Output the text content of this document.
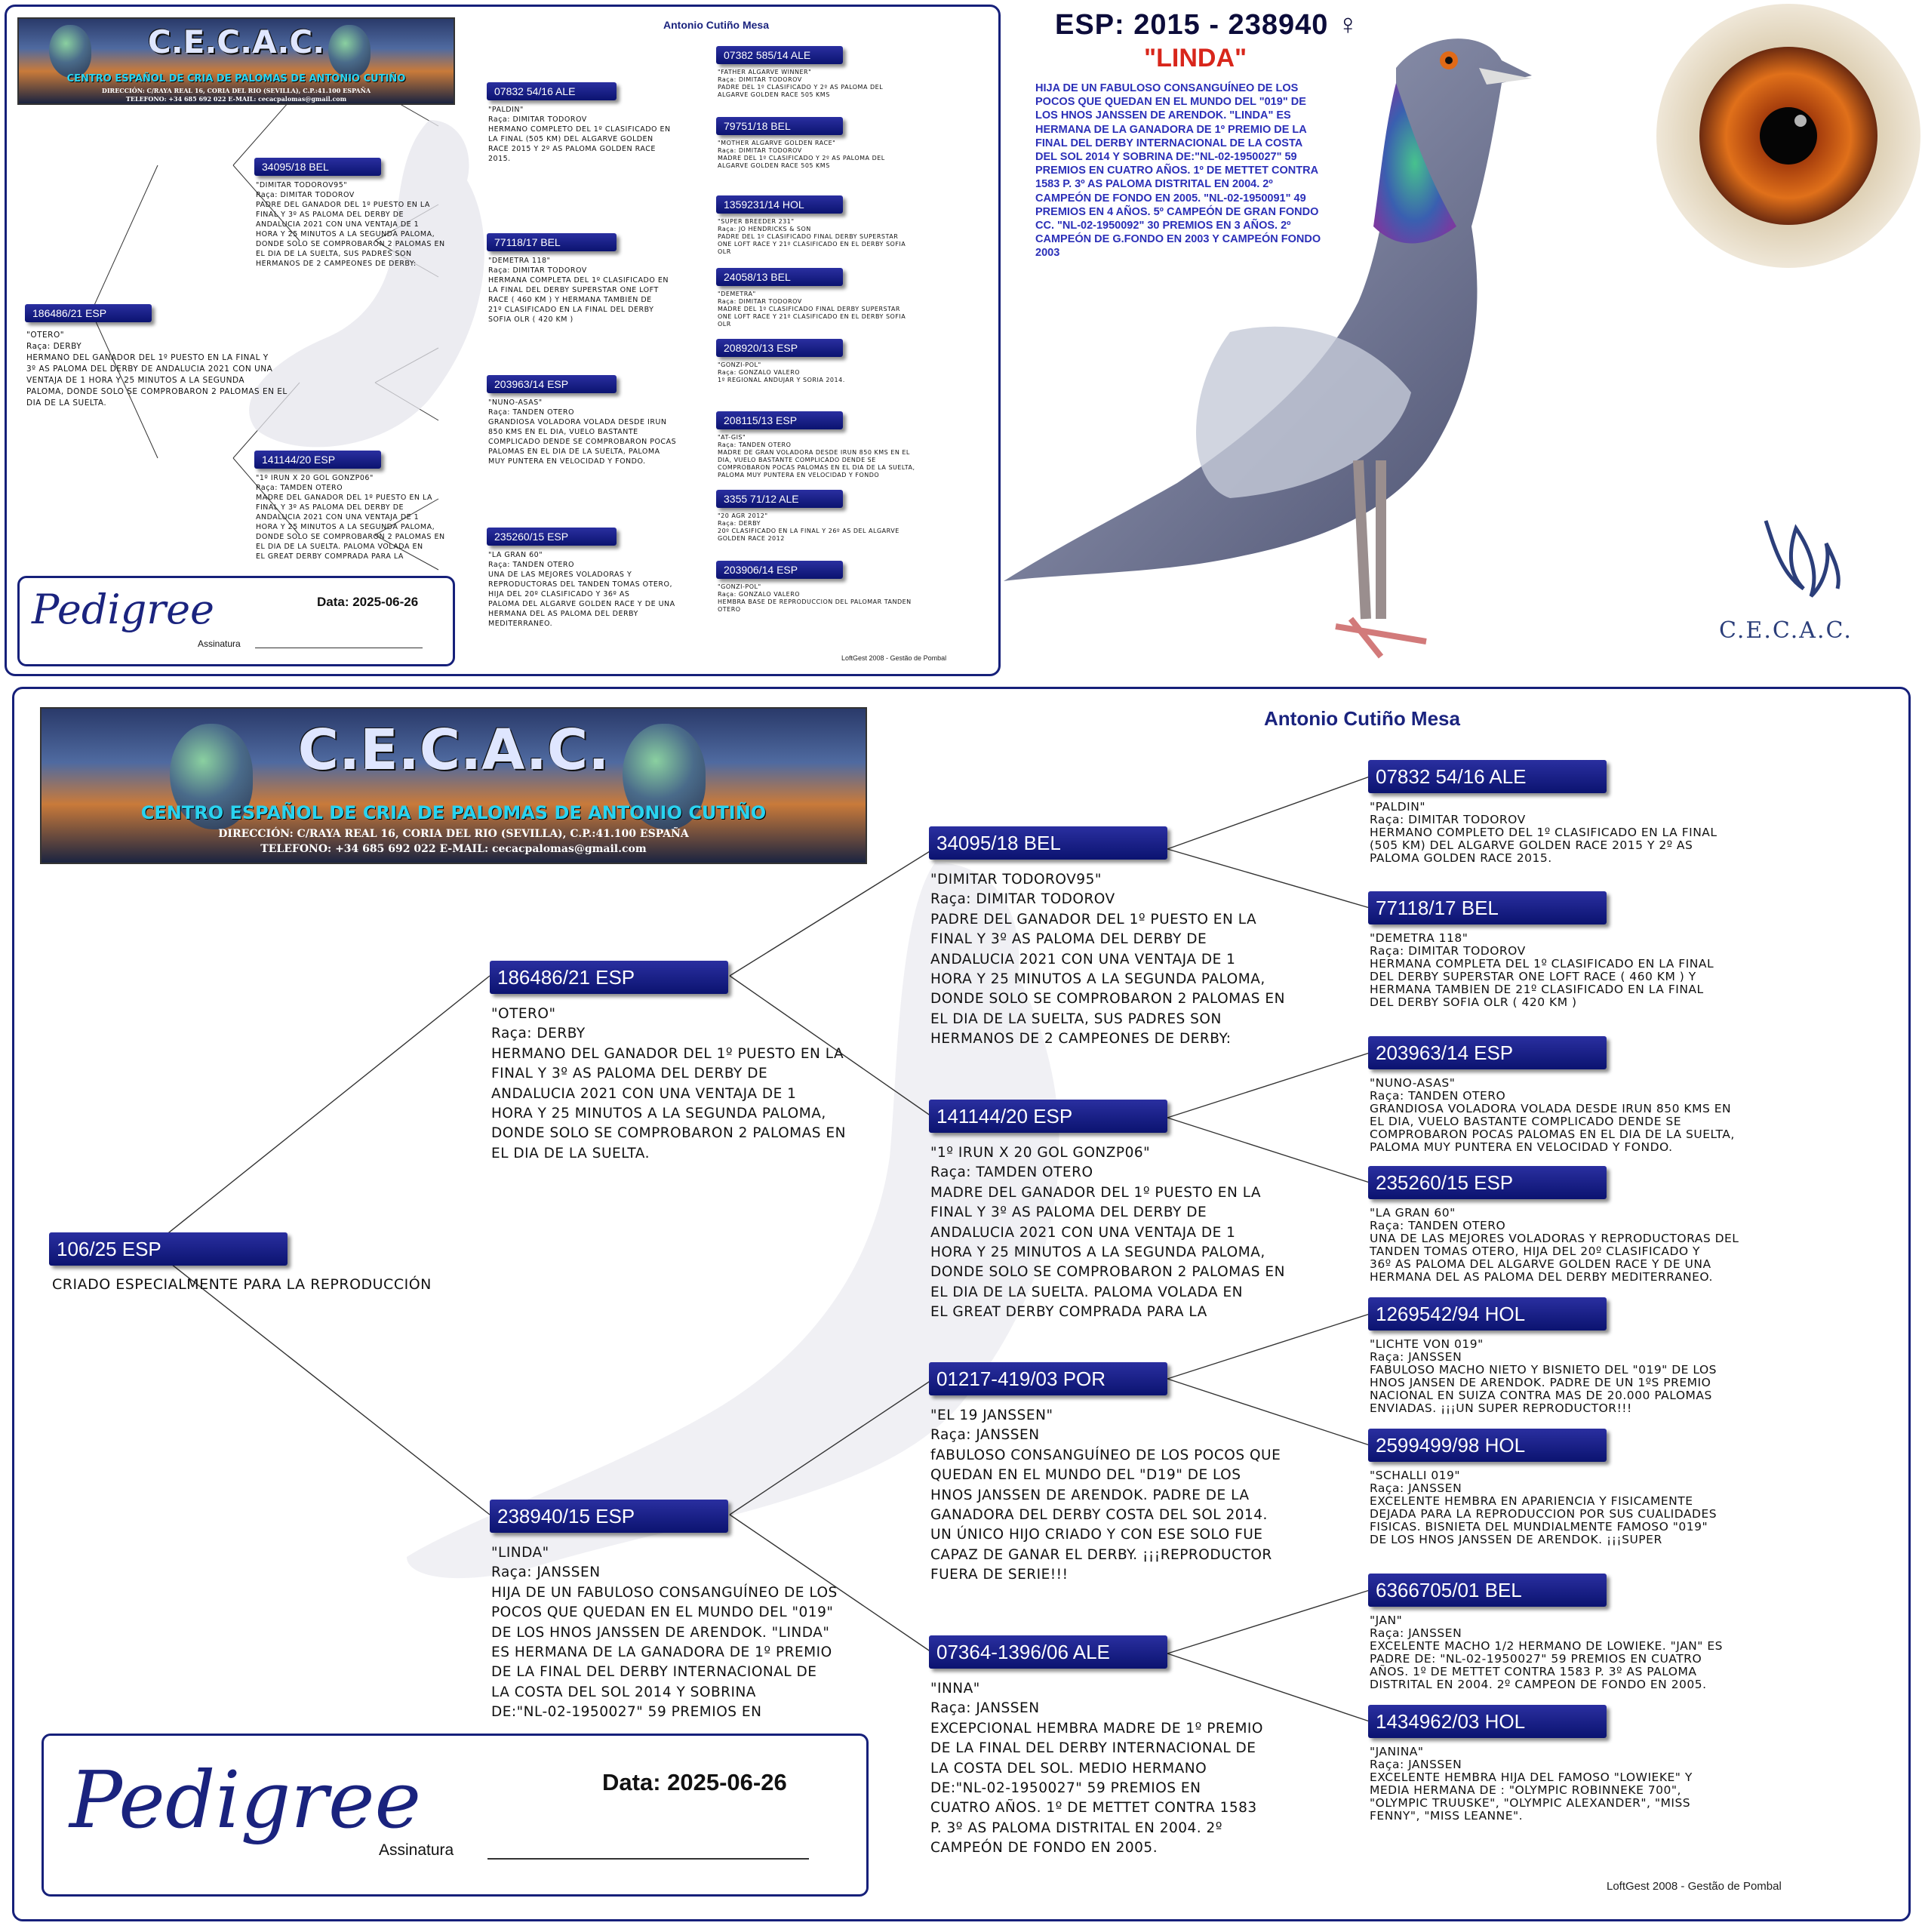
C.E.C.A.C.
CENTRO ESPAÑOL DE CRIA DE PALOMAS DE ANTONIO CUTIÑO
DIRECCIÓN: C/RAYA REAL 16, CORIA DEL RIO (SEVILLA), C.P.:41.100 ESPAÑA
TELEFONO: +34 685 692 022 E-MAIL: cecacpalomas@gmail.com
Antonio Cutiño Mesa
186486/21 ESP
"OTERO"
Raça: DERBY
HERMANO DEL GANADOR DEL 1º PUESTO EN LA FINAL Y
3º AS PALOMA DEL DERBY DE ANDALUCIA 2021 CON UNA
VENTAJA DE 1 HORA Y 25 MINUTOS A LA SEGUNDA
PALOMA, DONDE SOLO SE COMPROBARON 2 PALOMAS EN EL
DIA DE LA SUELTA.
34095/18 BEL
"DIMITAR TODOROV95"
Raça: DIMITAR TODOROV
PADRE DEL GANADOR DEL 1º PUESTO EN LA
FINAL Y 3º AS PALOMA DEL DERBY DE
ANDALUCIA 2021 CON UNA VENTAJA DE 1
HORA Y 25 MINUTOS A LA SEGUNDA PALOMA,
DONDE SOLO SE COMPROBARON 2 PALOMAS EN
EL DIA DE LA SUELTA, SUS PADRES SON
HERMANOS DE 2 CAMPEONES DE DERBY:
141144/20 ESP
"1º IRUN X 20 GOL GONZP06"
Raça: TAMDEN OTERO
MADRE DEL GANADOR DEL 1º PUESTO EN LA
FINAL Y 3º AS PALOMA DEL DERBY DE
ANDALUCIA 2021 CON UNA VENTAJA DE 1
HORA Y 25 MINUTOS A LA SEGUNDA PALOMA,
DONDE SOLO SE COMPROBARON 2 PALOMAS EN
EL DIA DE LA SUELTA. PALOMA VOLADA EN
EL GREAT DERBY COMPRADA PARA LA
07832 54/16 ALE
"PALDIN"
Raça: DIMITAR TODOROV
HERMANO COMPLETO DEL 1º CLASIFICADO EN
LA FINAL (505 KM) DEL ALGARVE GOLDEN
RACE 2015 Y 2º AS PALOMA GOLDEN RACE
2015.
77118/17 BEL
"DEMETRA 118"
Raça: DIMITAR TODOROV
HERMANA COMPLETA DEL 1º CLASIFICADO EN
LA FINAL DEL DERBY SUPERSTAR ONE LOFT
RACE ( 460 KM ) Y HERMANA TAMBIEN DE
21º CLASIFICADO EN LA FINAL DEL DERBY
SOFIA OLR ( 420 KM )
203963/14 ESP
"NUNO-ASAS"
Raça: TANDEN OTERO
GRANDIOSA VOLADORA VOLADA DESDE IRUN
850 KMS EN EL DIA, VUELO BASTANTE
COMPLICADO DENDE SE COMPROBARON POCAS
PALOMAS EN EL DIA DE LA SUELTA, PALOMA
MUY PUNTERA EN VELOCIDAD Y FONDO.
235260/15 ESP
"LA GRAN 60"
Raça: TANDEN OTERO
UNA DE LAS MEJORES VOLADORAS Y
REPRODUCTORAS DEL TANDEN TOMAS OTERO,
HIJA DEL 20º CLASIFICADO Y 36º AS
PALOMA DEL ALGARVE GOLDEN RACE Y DE UNA
HERMANA DEL AS PALOMA DEL DERBY
MEDITERRANEO.
07382 585/14 ALE
"FATHER ALGARVE WINNER"
Raça: DIMITAR TODOROV
PADRE DEL 1º CLASIFICADO Y 2º AS PALOMA DEL
ALGARVE GOLDEN RACE 505 KMS
79751/18 BEL
"MOTHER ALGARVE GOLDEN RACE"
Raça: DIMITAR TODOROV
MADRE DEL 1º CLASIFICADO Y 2º AS PALOMA DEL
ALGARVE GOLDEN RACE 505 KMS
1359231/14 HOL
"SUPER BREEDER 231"
Raça: JO HENDRICKS & SON
PADRE DEL 1º CLASIFICADO FINAL DERBY SUPERSTAR
ONE LOFT RACE Y 21º CLASIFICADO EN EL DERBY SOFIA
OLR
24058/13 BEL
"DEMETRA"
Raça: DIMITAR TODOROV
MADRE DEL 1º CLASIFICADO FINAL DERBY SUPERSTAR
ONE LOFT RACE Y 21º CLASIFICADO EN EL DERBY SOFIA
OLR
208920/13 ESP
"GONZI-POL"
Raça: GONZALO VALERO
1º REGIONAL ANDUJAR Y SORIA 2014.
208115/13 ESP
"AT-GIS"
Raça: TANDEN OTERO
MADRE DE GRAN VOLADORA DESDE IRUN 850 KMS EN EL
DIA, VUELO BASTANTE COMPLICADO DENDE SE
COMPROBARON POCAS PALOMAS EN EL DIA DE LA SUELTA,
PALOMA MUY PUNTERA EN VELOCIDAD Y FONDO
3355 71/12 ALE
"20 AGR 2012"
Raça: DERBY
20º CLASIFICADO EN LA FINAL Y 26º AS DEL ALGARVE
GOLDEN RACE 2012
203906/14 ESP
"GONZI-POL"
Raça: GONZALO VALERO
HEMBRA BASE DE REPRODUCCION DEL PALOMAR TANDEN
OTERO
Pedigree	Data: 2025-06-26
Assinatura
LoftGest 2008 - Gestão de Pombal
ESP: 2015 - 238940 ♀
"LINDA"
HIJA DE UN FABULOSO CONSANGUÍNEO DE LOS
POCOS QUE QUEDAN EN EL MUNDO DEL "019" DE
LOS HNOS JANSSEN DE ARENDOK. "LINDA" ES
HERMANA DE LA GANADORA DE 1º PREMIO DE LA
FINAL DEL DERBY INTERNACIONAL DE LA COSTA
DEL SOL 2014 Y SOBRINA DE:"NL-02-1950027" 59
PREMIOS EN CUATRO AÑOS. 1º DE METTET CONTRA
1583 P. 3º AS PALOMA DISTRITAL EN 2004. 2º
CAMPEÓN DE FONDO EN 2005. "NL-02-1950091" 49
PREMIOS EN 4 AÑOS. 5º CAMPEÓN DE GRAN FONDO
CC. "NL-02-1950092" 30 PREMIOS EN 3 AÑOS. 2º
CAMPEÓN DE G.FONDO EN 2003 Y CAMPEÓN FONDO
2003
C.E.C.A.C.
C.E.C.A.C.
CENTRO ESPAÑOL DE CRIA DE PALOMAS DE ANTONIO CUTIÑO
DIRECCIÓN: C/RAYA REAL 16, CORIA DEL RIO (SEVILLA), C.P.:41.100 ESPAÑA
TELEFONO: +34 685 692 022 E-MAIL: cecacpalomas@gmail.com
Antonio Cutiño Mesa
106/25 ESP
CRIADO ESPECIALMENTE PARA LA REPRODUCCIÓN
186486/21 ESP
"OTERO"
Raça: DERBY
HERMANO DEL GANADOR DEL 1º PUESTO EN LA
FINAL Y 3º AS PALOMA DEL DERBY DE
ANDALUCIA 2021 CON UNA VENTAJA DE 1
HORA Y 25 MINUTOS A LA SEGUNDA PALOMA,
DONDE SOLO SE COMPROBARON 2 PALOMAS EN
EL DIA DE LA SUELTA.
238940/15 ESP
"LINDA"
Raça: JANSSEN
HIJA DE UN FABULOSO CONSANGUÍNEO DE LOS
POCOS QUE QUEDAN EN EL MUNDO DEL "019"
DE LOS HNOS JANSSEN DE ARENDOK. "LINDA"
ES HERMANA DE LA GANADORA DE 1º PREMIO
DE LA FINAL DEL DERBY INTERNACIONAL DE
LA COSTA DEL SOL 2014 Y SOBRINA
DE:"NL-02-1950027" 59 PREMIOS EN
34095/18 BEL
"DIMITAR TODOROV95"
Raça: DIMITAR TODOROV
PADRE DEL GANADOR DEL 1º PUESTO EN LA
FINAL Y 3º AS PALOMA DEL DERBY DE
ANDALUCIA 2021 CON UNA VENTAJA DE 1
HORA Y 25 MINUTOS A LA SEGUNDA PALOMA,
DONDE SOLO SE COMPROBARON 2 PALOMAS EN
EL DIA DE LA SUELTA, SUS PADRES SON
HERMANOS DE 2 CAMPEONES DE DERBY:
141144/20 ESP
"1º IRUN X 20 GOL GONZP06"
Raça: TAMDEN OTERO
MADRE DEL GANADOR DEL 1º PUESTO EN LA
FINAL Y 3º AS PALOMA DEL DERBY DE
ANDALUCIA 2021 CON UNA VENTAJA DE 1
HORA Y 25 MINUTOS A LA SEGUNDA PALOMA,
DONDE SOLO SE COMPROBARON 2 PALOMAS EN
EL DIA DE LA SUELTA. PALOMA VOLADA EN
EL GREAT DERBY COMPRADA PARA LA
01217-419/03 POR
"EL 19 JANSSEN"
Raça: JANSSEN
fABULOSO CONSANGUÍNEO DE LOS POCOS QUE
QUEDAN EN EL MUNDO DEL "D19" DE LOS
HNOS JANSSEN DE ARENDOK. PADRE DE LA
GANADORA DEL DERBY COSTA DEL SOL 2014.
UN ÚNICO HIJO CRIADO Y CON ESE SOLO FUE
CAPAZ DE GANAR EL DERBY. ¡¡¡REPRODUCTOR
FUERA DE SERIE!!!
07364-1396/06 ALE
"INNA"
Raça: JANSSEN
EXCEPCIONAL HEMBRA MADRE DE 1º PREMIO
DE LA FINAL DEL DERBY INTERNACIONAL DE
LA COSTA DEL SOL. MEDIO HERMANO
DE:"NL-02-1950027" 59 PREMIOS EN
CUATRO AÑOS. 1º DE METTET CONTRA 1583
P. 3º AS PALOMA DISTRITAL EN 2004. 2º
CAMPEÓN DE FONDO EN 2005.
07832 54/16 ALE
"PALDIN"
Raça: DIMITAR TODOROV
HERMANO COMPLETO DEL 1º CLASIFICADO EN LA FINAL
(505 KM) DEL ALGARVE GOLDEN RACE 2015 Y 2º AS
PALOMA GOLDEN RACE 2015.
77118/17 BEL
"DEMETRA 118"
Raça: DIMITAR TODOROV
HERMANA COMPLETA DEL 1º CLASIFICADO EN LA FINAL
DEL DERBY SUPERSTAR ONE LOFT RACE ( 460 KM ) Y
HERMANA TAMBIEN DE 21º CLASIFICADO EN LA FINAL
DEL DERBY SOFIA OLR ( 420 KM )
203963/14 ESP
"NUNO-ASAS"
Raça: TANDEN OTERO
GRANDIOSA VOLADORA VOLADA DESDE IRUN 850 KMS EN
EL DIA, VUELO BASTANTE COMPLICADO DENDE SE
COMPROBARON POCAS PALOMAS EN EL DIA DE LA SUELTA,
PALOMA MUY PUNTERA EN VELOCIDAD Y FONDO.
235260/15 ESP
"LA GRAN 60"
Raça: TANDEN OTERO
UNA DE LAS MEJORES VOLADORAS Y REPRODUCTORAS DEL
TANDEN TOMAS OTERO, HIJA DEL 20º CLASIFICADO Y
36º AS PALOMA DEL ALGARVE GOLDEN RACE Y DE UNA
HERMANA DEL AS PALOMA DEL DERBY MEDITERRANEO.
1269542/94 HOL
"LICHTE VON 019"
Raça: JANSSEN
FABULOSO MACHO NIETO Y BISNIETO DEL "019" DE LOS
HNOS JANSEN DE ARENDOK. PADRE DE UN 1ºS PREMIO
NACIONAL EN SUIZA CONTRA MAS DE 20.000 PALOMAS
ENVIADAS. ¡¡¡UN SUPER REPRODUCTOR!!!
2599499/98 HOL
"SCHALLI 019"
Raça: JANSSEN
EXCELENTE HEMBRA EN APARIENCIA Y FISICAMENTE
DEJADA PARA LA REPRODUCCION POR SUS CUALIDADES
FISICAS. BISNIETA DEL MUNDIALMENTE FAMOSO "019"
DE LOS HNOS JANSSEN DE ARENDOK. ¡¡¡SUPER
6366705/01 BEL
"JAN"
Raça: JANSSEN
EXCELENTE MACHO 1/2 HERMANO DE LOWIEKE. "JAN" ES
PADRE DE: "NL-02-1950027" 59 PREMIOS EN CUATRO
AÑOS. 1º DE METTET CONTRA 1583 P. 3º AS PALOMA
DISTRITAL EN 2004. 2º CAMPEON DE FONDO EN 2005.
1434962/03 HOL
"JANINA"
Raça: JANSSEN
EXCELENTE HEMBRA HIJA DEL FAMOSO "LOWIEKE" Y
MEDIA HERMANA DE : "OLYMPIC ROBINNEKE 700",
"OLYMPIC TRUUSKE", "OLYMPIC ALEXANDER", "MISS
FENNY", "MISS LEANNE".
Pedigree	Data: 2025-06-26
Assinatura
LoftGest 2008 - Gestão de Pombal
